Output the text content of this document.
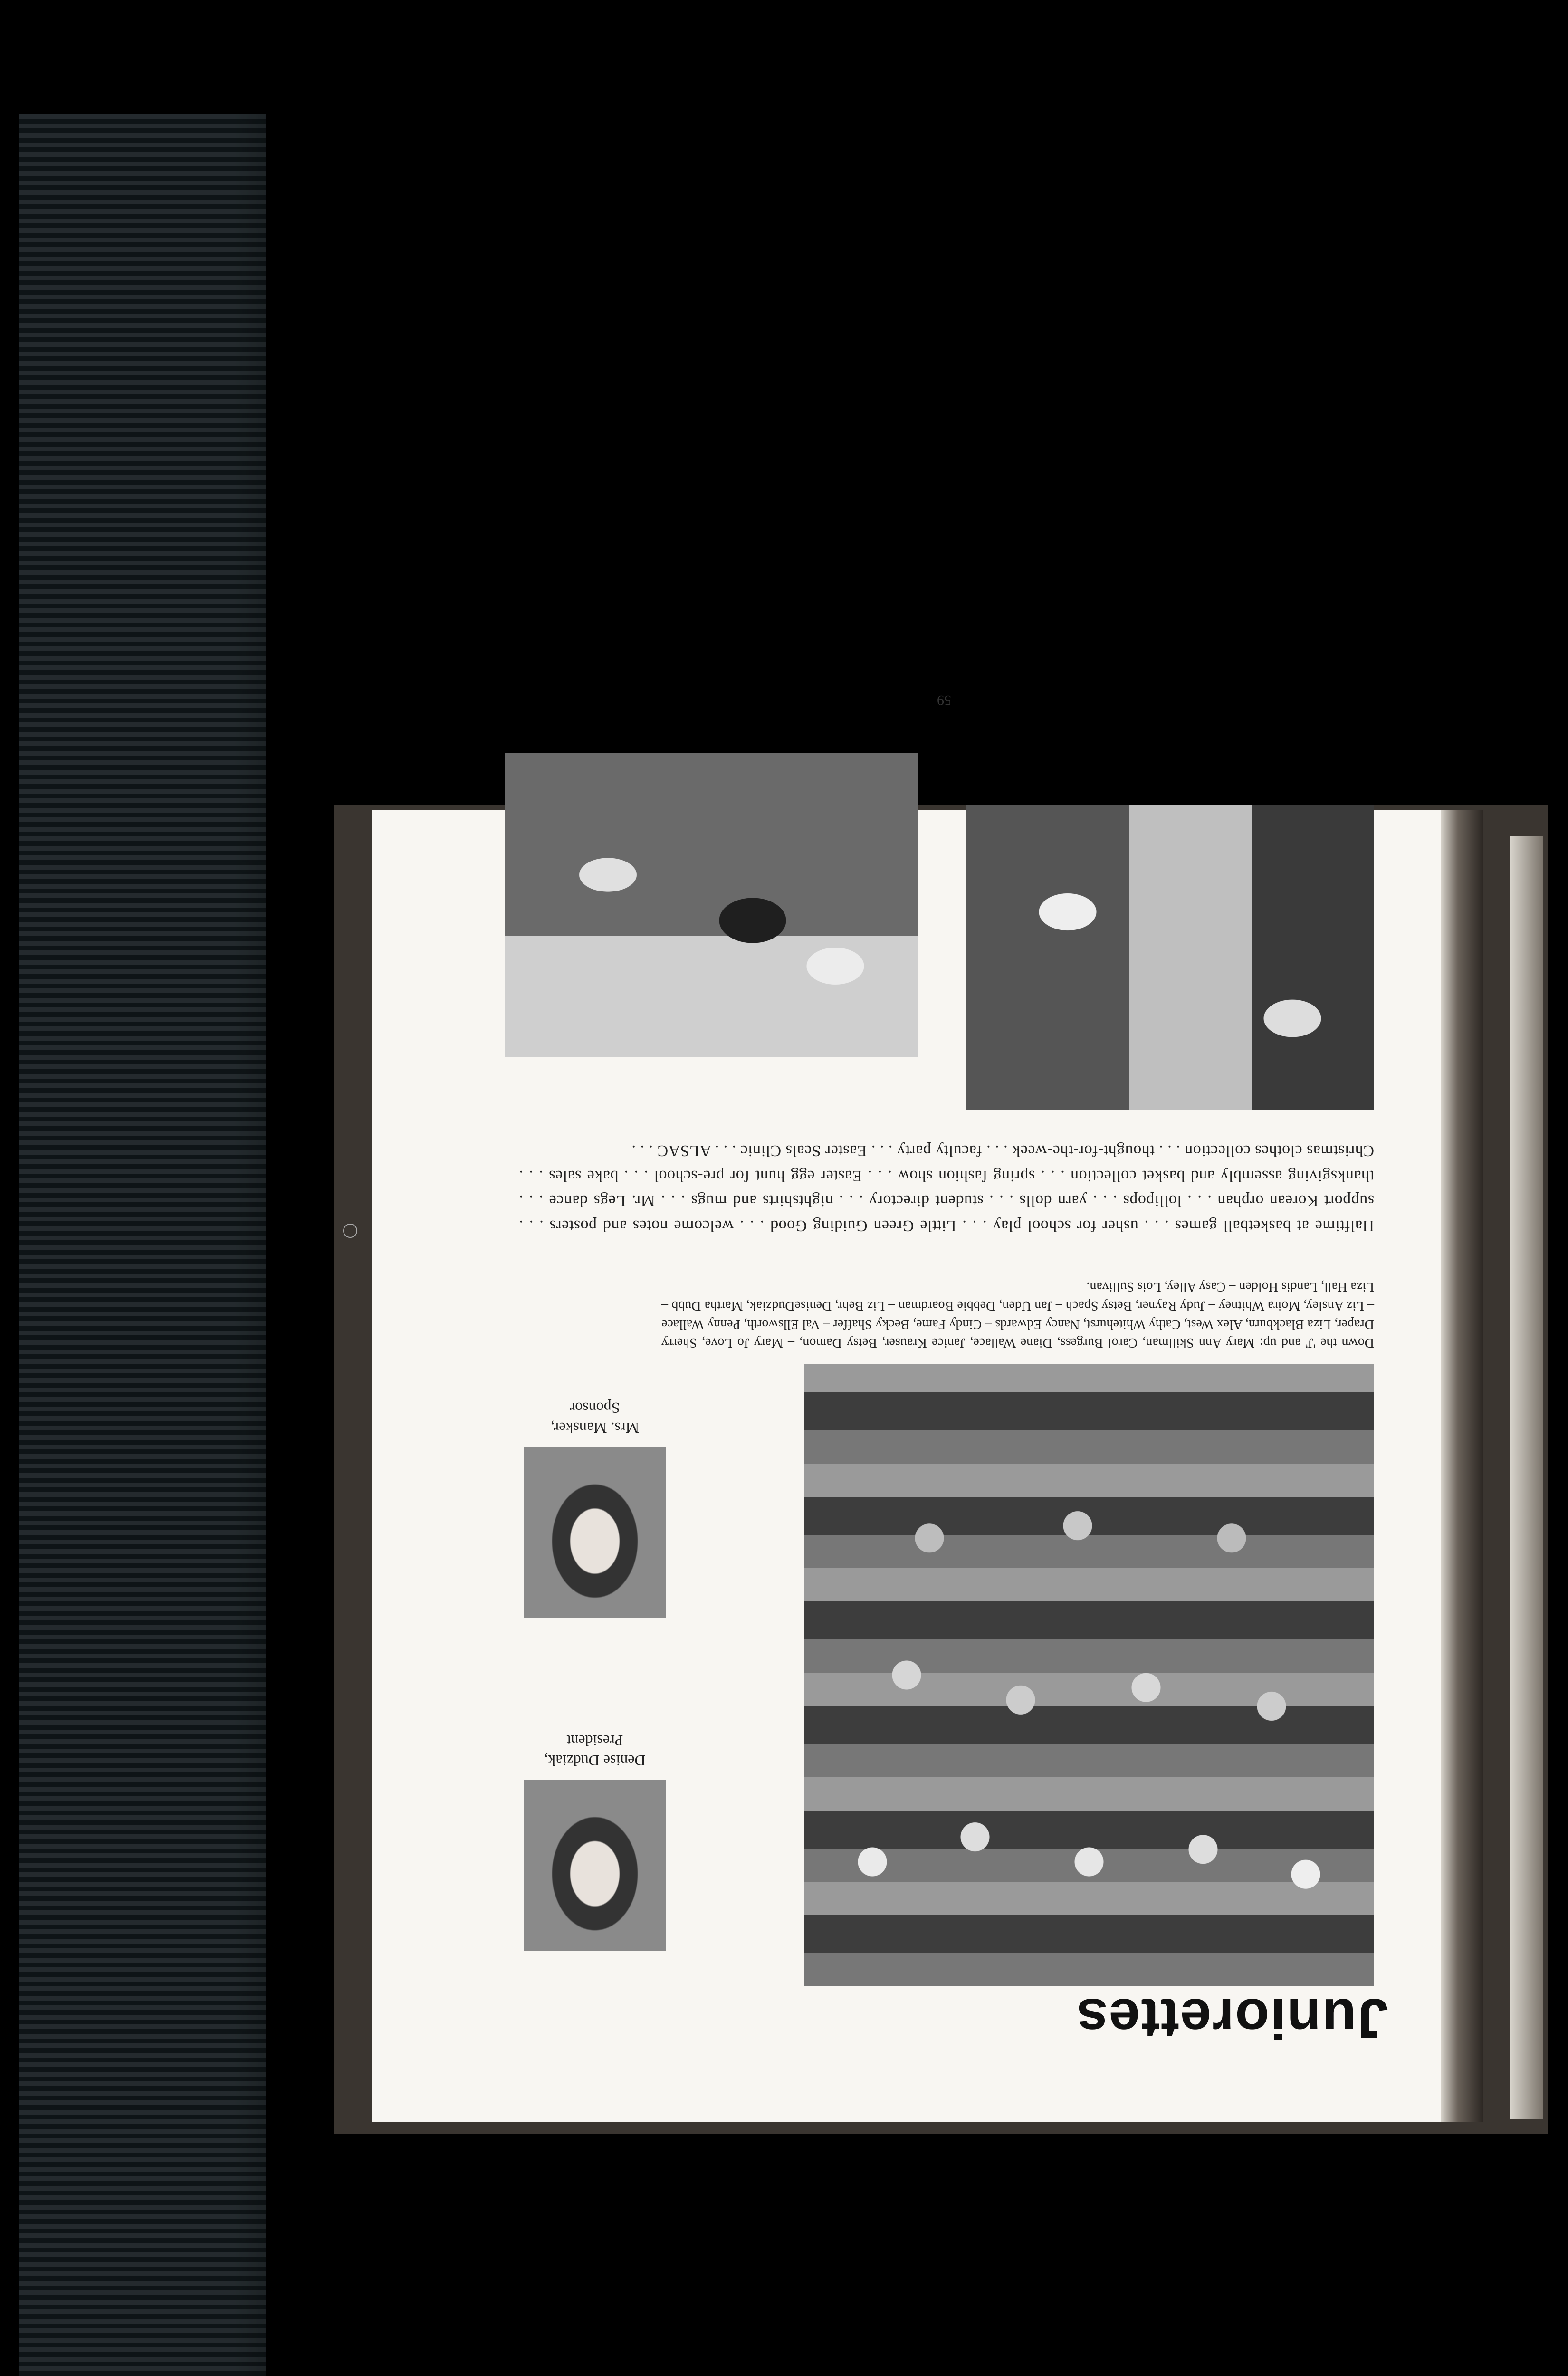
Juniorettes
Denise Dudziak,
President
Mrs. Mansker,
Sponsor
Down the 'J' and up: Mary Ann Skillman, Carol Burgess, Diane Wallace, Janice Krauser, Betsy Damon, – Mary Jo Love, Sherry Draper, Liza Blackburn, Alex West, Cathy Whitehurst, Nancy Edwards – Cindy Fame, Becky Shaffer – Val Ellsworth, Penny Wallace – Liz Ansley, Moira Whitney – Judy Rayner, Betsy Spach – Jan Uden, Debbie Boardman – Liz Behr, DeniseDudziak, Martha Dubb – Liza Hall, Landis Holden – Casy Alley, Lois Sullivan.
Halftime at basketball games . . . usher for school play . . . Little Green Guiding Good . . . welcome notes and posters . . . support Korean orphan . . . lollipops . . . yarn dolls . . . student directory . . . nightshirts and mugs . . . Mr. Legs dance . . . thanksgiving assembly and basket collection . . . spring fashion show . . . Easter egg hunt for pre-school . . . bake sales . . . Christmas clothes collection . . . thought-for-the-week . . . faculty party . . . Easter Seals Clinic . . . ALSAC . . .
59
